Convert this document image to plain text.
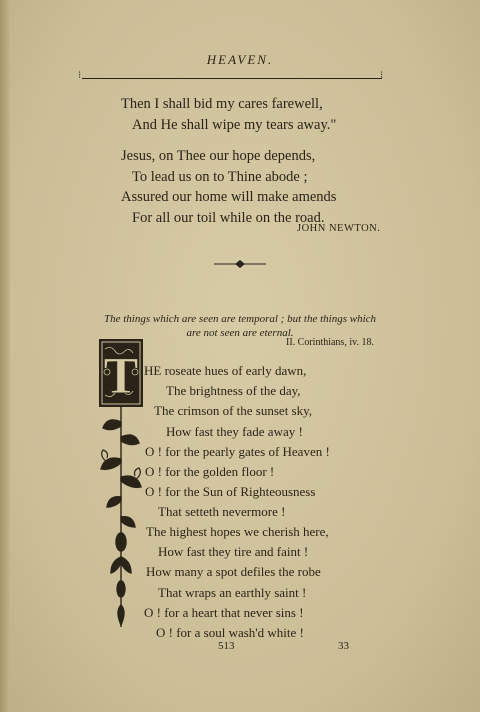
HEAVEN.
⁝	⁝
Then I shall bid my cares farewell,
And He shall wipe my tears away."
Jesus, on Thee our hope depends,
To lead us on to Thine abode ;
Assured our home will make amends
For all our toil while on the road.
JOHN NEWTON.
The things which are seen are temporal ; but the things which
are not seen are eternal.
II. Corinthians, iv. 18.
T HE roseate hues of early dawn,
The brightness of the day,
The crimson of the sunset sky,
How fast they fade away !
O ! for the pearly gates of Heaven !
O ! for the golden floor !
O ! for the Sun of Righteousness
That setteth nevermore !
The highest hopes we cherish here,
How fast they tire and faint !
How many a spot defiles the robe
That wraps an earthly saint !
O ! for a heart that never sins !
O ! for a soul wash'd white !
513	33
